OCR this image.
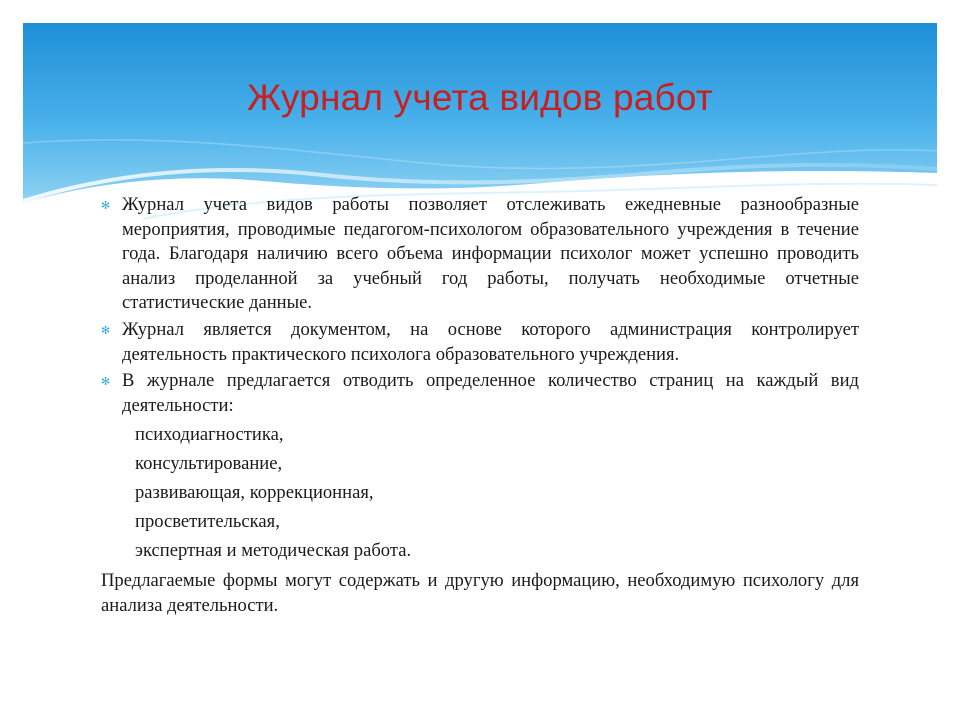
Журнал учета видов работ
✻ Журнал учета видов работы позволяет отслеживать ежедневные разнообразные мероприятия, проводимые педагогом-психологом образовательного учреждения в течение года. Благодаря наличию всего объема информации психолог может успешно проводить анализ проделанной за учебный год работы, получать необходимые отчетные статистические данные.
✻ Журнал является документом, на основе которого администрация контролирует деятельность практического психолога образовательного учреждения.
✻ В журнале предлагается отводить определенное количество страниц на каждый вид деятельности:
психодиагностика,
консультирование,
развивающая, коррекционная,
просветительская,
экспертная и методическая работа.
Предлагаемые формы могут содержать и другую информацию, необходимую психологу для анализа деятельности.
